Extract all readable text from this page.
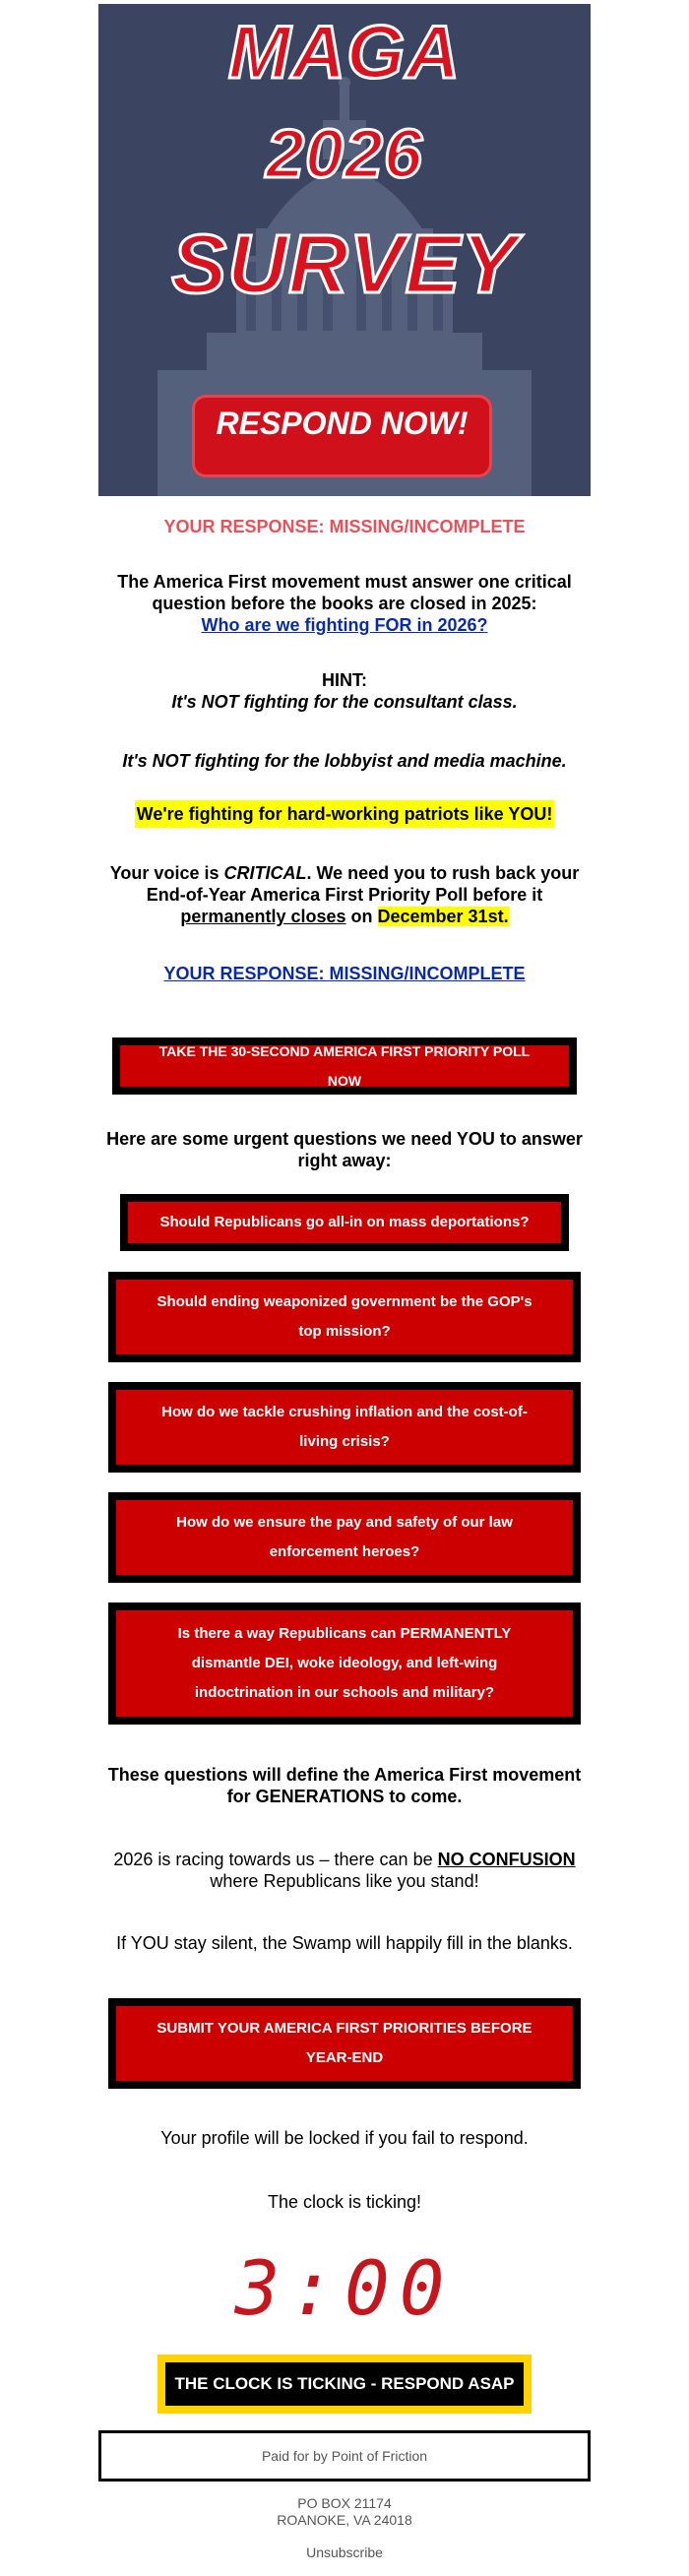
MAGA
2026
SURVEY
RESPOND NOW!
YOUR RESPONSE: MISSING/INCOMPLETE
The America First movement must answer one critical question before the books are closed in 2025:
Who are we fighting FOR in 2026?
HINT:
It's NOT fighting for the consultant class.
It's NOT fighting for the lobbyist and media machine.
We're fighting for hard-working patriots like YOU!
Your voice is CRITICAL. We need you to rush back your End-of-Year America First Priority Poll before it permanently closes on December 31st.
YOUR RESPONSE: MISSING/INCOMPLETE
TAKE THE 30-SECOND AMERICA FIRST PRIORITY POLL NOW
Here are some urgent questions we need YOU to answer right away:
Should Republicans go all-in on mass deportations?
Should ending weaponized government be the GOP's top mission?
How do we tackle crushing inflation and the cost-of-living crisis?
How do we ensure the pay and safety of our law enforcement heroes?
Is there a way Republicans can PERMANENTLY dismantle DEI, woke ideology, and left-wing indoctrination in our schools and military?
These questions will define the America First movement for GENERATIONS to come.
2026 is racing towards us – there can be NO CONFUSION where Republicans like you stand!
If YOU stay silent, the Swamp will happily fill in the blanks.
SUBMIT YOUR AMERICA FIRST PRIORITIES BEFORE YEAR-END
Your profile will be locked if you fail to respond.
The clock is ticking!
3:00
THE CLOCK IS TICKING - RESPOND ASAP
Paid for by Point of Friction
PO BOX 21174
ROANOKE, VA 24018
Unsubscribe
